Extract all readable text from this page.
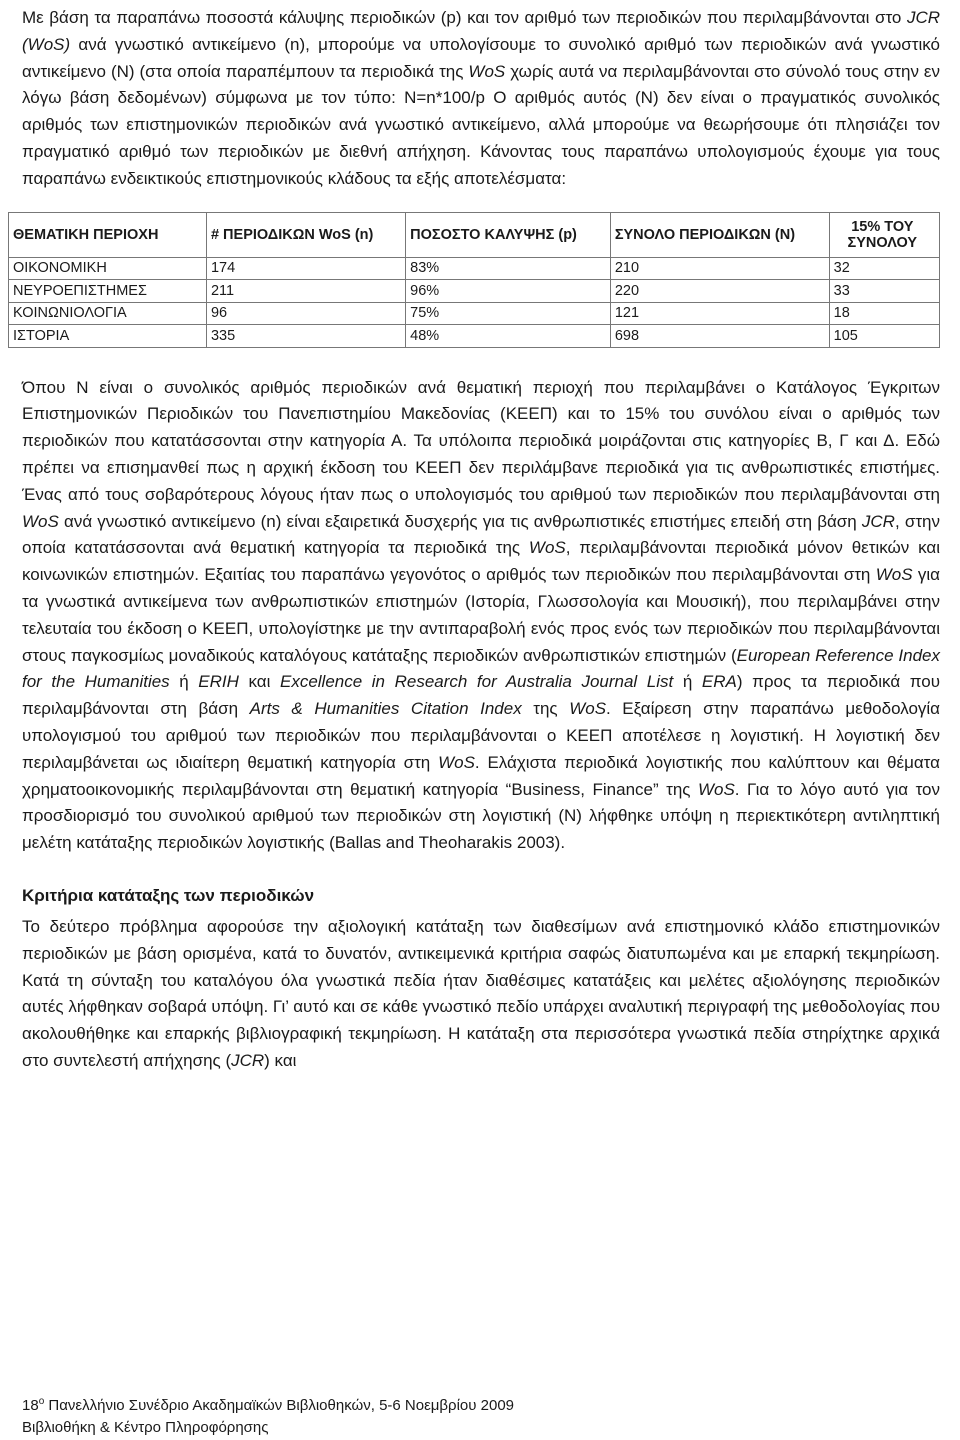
Με βάση τα παραπάνω ποσοστά κάλυψης περιοδικών (p) και τον αριθμό των περιοδικών που περιλαμβάνονται στο JCR (WoS) ανά γνωστικό αντικείμενο (n), μπορούμε να υπολογίσουμε το συνολικό αριθμό των περιοδικών ανά γνωστικό αντικείμενο (Ν) (στα οποία παραπέμπουν τα περιοδικά της WoS χωρίς αυτά να περιλαμβάνονται στο σύνολό τους στην εν λόγω βάση δεδομένων) σύμφωνα με τον τύπο: N=n*100/p O αριθμός αυτός (Ν) δεν είναι ο πραγματικός συνολικός αριθμός των επιστημονικών περιοδικών ανά γνωστικό αντικείμενο, αλλά μπορούμε να θεωρήσουμε ότι πλησιάζει τον πραγματικό αριθμό των περιοδικών με διεθνή απήχηση. Κάνοντας τους παραπάνω υπολογισμούς έχουμε για τους παραπάνω ενδεικτικούς επιστημονικούς κλάδους τα εξής αποτελέσματα:

ΘΕΜΑΤΙΚΗ ΠΕΡΙΟΧΗ	# ΠΕΡΙΟΔΙΚΩΝ WoS (n)	ΠΟΣΟΣΤΟ ΚΑΛΥΨΗΣ (p)	ΣΥΝΟΛΟ ΠΕΡΙΟΔΙΚΩΝ (N)	15% ΤΟΥ ΣΥΝΟΛΟΥ
ΟΙΚΟΝΟΜΙΚΗ	174	83%	210	32
ΝΕΥΡΟΕΠΙΣΤΗΜΕΣ	211	96%	220	33
ΚΟΙΝΩΝΙΟΛΟΓΙΑ	96	75%	121	18
ΙΣΤΟΡΙΑ	335	48%	698	105

Όπου Ν είναι ο συνολικός αριθμός περιοδικών ανά θεματική περιοχή που περιλαμβάνει ο Κατάλογος Έγκριτων Επιστημονικών Περιοδικών του Πανεπιστημίου Μακεδονίας (ΚΕΕΠ) και το 15% του συνόλου είναι ο αριθμός των περιοδικών που κατατάσσονται στην κατηγορία Α. Τα υπόλοιπα περιοδικά μοιράζονται στις κατηγορίες Β, Γ και Δ. Εδώ πρέπει να επισημανθεί πως η αρχική έκδοση του ΚΕΕΠ δεν περιλάμβανε περιοδικά για τις ανθρωπιστικές επιστήμες. Ένας από τους σοβαρότερους λόγους ήταν πως ο υπολογισμός του αριθμού των περιοδικών που περιλαμβάνονται στη WoS ανά γνωστικό αντικείμενο (n) είναι εξαιρετικά δυσχερής για τις ανθρωπιστικές επιστήμες επειδή στη βάση JCR, στην οποία κατατάσσονται ανά θεματική κατηγορία τα περιοδικά της WoS, περιλαμβάνονται περιοδικά μόνον θετικών και κοινωνικών επιστημών. Εξαιτίας του παραπάνω γεγονότος ο αριθμός των περιοδικών που περιλαμβάνονται στη WoS για τα γνωστικά αντικείμενα των ανθρωπιστικών επιστημών (Ιστορία, Γλωσσολογία και Μουσική), που περιλαμβάνει στην τελευταία του έκδοση ο ΚΕΕΠ, υπολογίστηκε με την αντιπαραβολή ενός προς ενός των περιοδικών που περιλαμβάνονται στους παγκοσμίως μοναδικούς καταλόγους κατάταξης περιοδικών ανθρωπιστικών επιστημών (European Reference Index for the Humanities ή ERIH και Excellence in Research for Australia Journal List ή ERA) προς τα περιοδικά που περιλαμβάνονται στη βάση Arts & Humanities Citation Index της WoS. Εξαίρεση στην παραπάνω μεθοδολογία υπολογισμού του αριθμού των περιοδικών που περιλαμβάνονται ο ΚΕΕΠ αποτέλεσε η λογιστική. Η λογιστική δεν περιλαμβάνεται ως ιδιαίτερη θεματική κατηγορία στη WoS. Ελάχιστα περιοδικά λογιστικής που καλύπτουν και θέματα χρηματοοικονομικής περιλαμβάνονται στη θεματική κατηγορία “Business, Finance” της WoS. Για το λόγο αυτό για τον προσδιορισμό του συνολικού αριθμού των περιοδικών στη λογιστική (Ν) λήφθηκε υπόψη η περιεκτικότερη αντιληπτική μελέτη κατάταξης περιοδικών λογιστικής (Ballas and Theoharakis 2003).

Κριτήρια κατάταξης των περιοδικών

Το δεύτερο πρόβλημα αφορούσε την αξιολογική κατάταξη των διαθεσίμων ανά επιστημονικό κλάδο επιστημονικών περιοδικών με βάση ορισμένα, κατά το δυνατόν, αντικειμενικά κριτήρια σαφώς διατυπωμένα και με επαρκή τεκμηρίωση. Κατά τη σύνταξη του καταλόγου όλα γνωστικά πεδία ήταν διαθέσιμες κατατάξεις και μελέτες αξιολόγησης περιοδικών αυτές λήφθηκαν σοβαρά υπόψη. Γι’ αυτό και σε κάθε γνωστικό πεδίο υπάρχει αναλυτική περιγραφή της μεθοδολογίας που ακολουθήθηκε και επαρκής βιβλιογραφική τεκμηρίωση. Η κατάταξη στα περισσότερα γνωστικά πεδία στηρίχτηκε αρχικά στο συντελεστή απήχησης (JCR) και

$18^o$ Πανελλήνιο Συνέδριο Ακαδημαϊκών Βιβλιοθηκών, 5-6 Νοεμβρίου 2009
Βιβλιοθήκη & Κέντρο Πληροφόρησης
